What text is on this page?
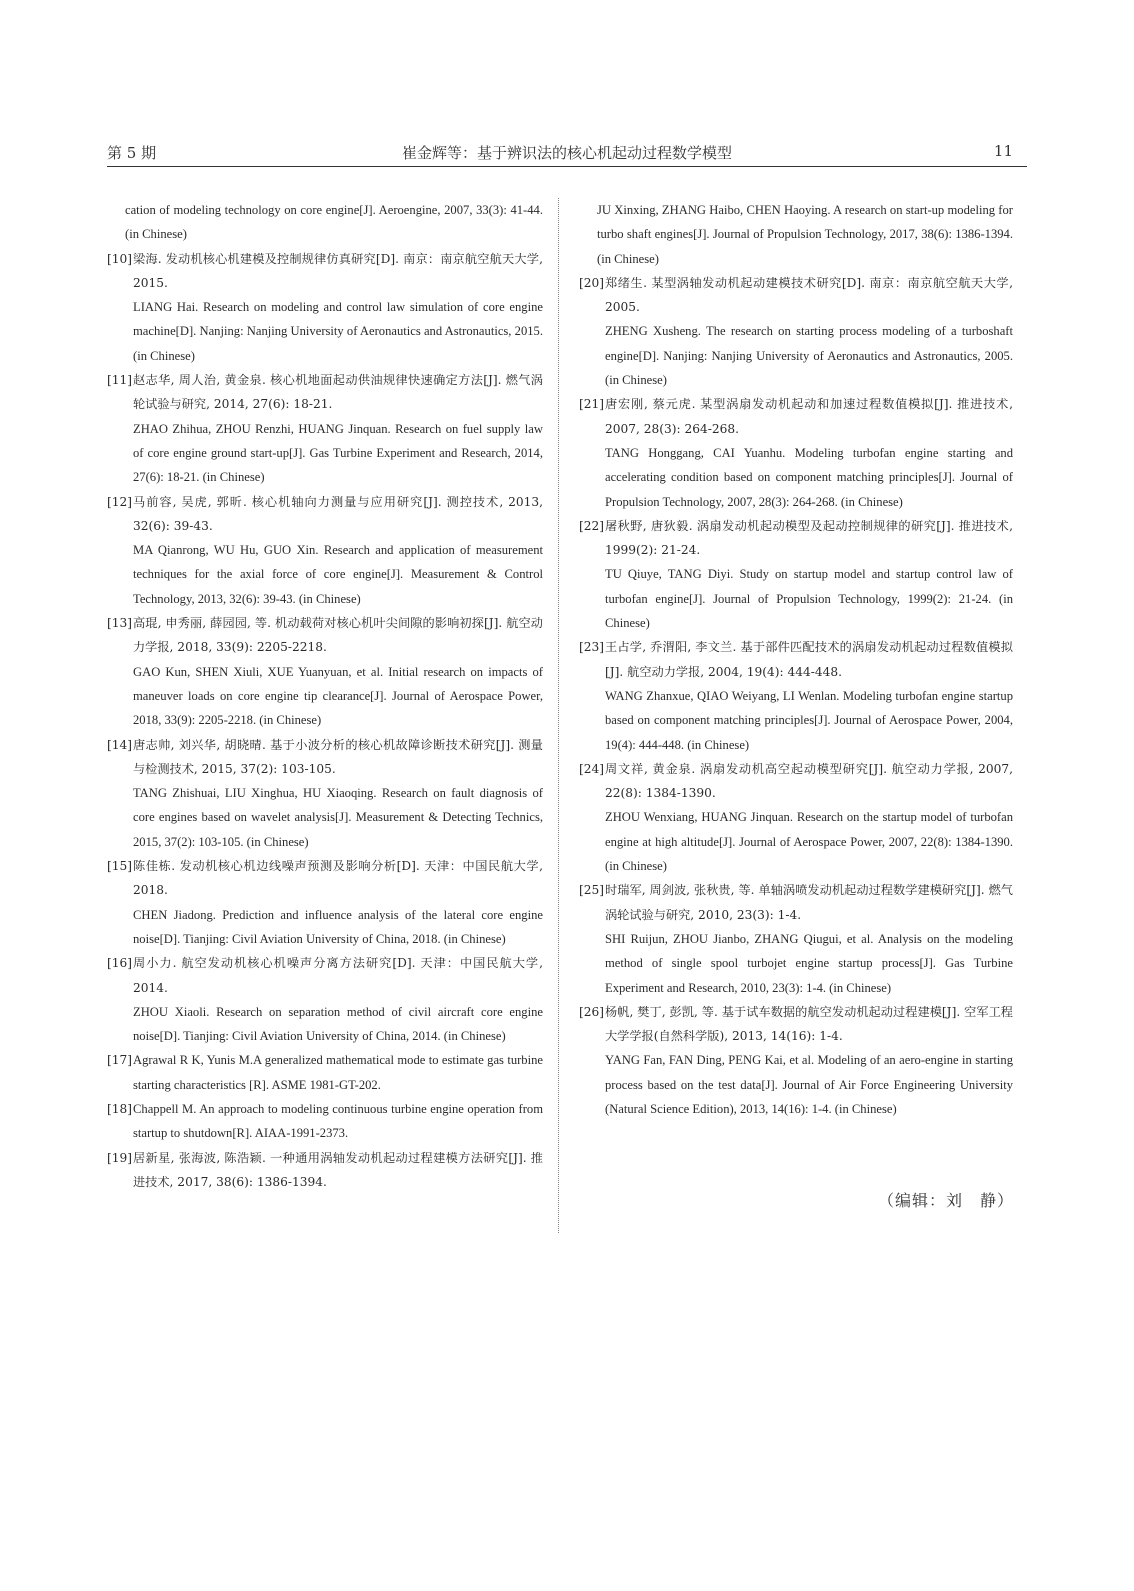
第 5 期	崔金辉等：基于辨识法的核心机起动过程数学模型	11

cation of modeling technology on core engine[J]. Aeroengine, 2007, 33(3): 41-44. (in Chinese)

[10] 梁海. 发动机核心机建模及控制规律仿真研究[D]. 南京：南京航空航天大学, 2015.

LIANG Hai. Research on modeling and control law simulation of core engine machine[D]. Nanjing: Nanjing University of Aeronautics and Astronautics, 2015. (in Chinese)

[11] 赵志华, 周人治, 黄金泉. 核心机地面起动供油规律快速确定方法[J]. 燃气涡轮试验与研究, 2014, 27(6): 18-21.

ZHAO Zhihua, ZHOU Renzhi, HUANG Jinquan. Research on fuel supply law of core engine ground start-up[J]. Gas Turbine Experiment and Research, 2014, 27(6): 18-21. (in Chinese)

[12] 马前容, 吴虎, 郭昕. 核心机轴向力测量与应用研究[J]. 测控技术, 2013, 32(6): 39-43.

MA Qianrong, WU Hu, GUO Xin. Research and application of measurement techniques for the axial force of core engine[J]. Measurement & Control Technology, 2013, 32(6): 39-43. (in Chinese)

[13] 高琨, 申秀丽, 薛园园, 等. 机动载荷对核心机叶尖间隙的影响初探[J]. 航空动力学报, 2018, 33(9): 2205-2218.

GAO Kun, SHEN Xiuli, XUE Yuanyuan, et al. Initial research on impacts of maneuver loads on core engine tip clearance[J]. Journal of Aerospace Power, 2018, 33(9): 2205-2218. (in Chinese)

[14] 唐志帅, 刘兴华, 胡晓晴. 基于小波分析的核心机故障诊断技术研究[J]. 测量与检测技术, 2015, 37(2): 103-105.

TANG Zhishuai, LIU Xinghua, HU Xiaoqing. Research on fault diagnosis of core engines based on wavelet analysis[J]. Measurement & Detecting Technics, 2015, 37(2): 103-105. (in Chinese)

[15] 陈佳栋. 发动机核心机边线噪声预测及影响分析[D]. 天津：中国民航大学, 2018.

CHEN Jiadong. Prediction and influence analysis of the lateral core engine noise[D]. Tianjing: Civil Aviation University of China, 2018. (in Chinese)

[16] 周小力. 航空发动机核心机噪声分离方法研究[D]. 天津：中国民航大学, 2014.

ZHOU Xiaoli. Research on separation method of civil aircraft core engine noise[D]. Tianjing: Civil Aviation University of China, 2014. (in Chinese)

[17] Agrawal R K, Yunis M.A generalized mathematical mode to estimate gas turbine starting characteristics [R]. ASME 1981-GT-202.

[18] Chappell M. An approach to modeling continuous turbine engine operation from startup to shutdown[R]. AIAA-1991-2373.

[19] 居新星, 张海波, 陈浩颖. 一种通用涡轴发动机起动过程建模方法研究[J]. 推进技术, 2017, 38(6): 1386-1394.

JU Xinxing, ZHANG Haibo, CHEN Haoying. A research on start-up modeling for turbo shaft engines[J]. Journal of Propulsion Technology, 2017, 38(6): 1386-1394. (in Chinese)

[20] 郑绪生. 某型涡轴发动机起动建模技术研究[D]. 南京：南京航空航天大学, 2005.

ZHENG Xusheng. The research on starting process modeling of a turboshaft engine[D]. Nanjing: Nanjing University of Aeronautics and Astronautics, 2005. (in Chinese)

[21] 唐宏刚, 蔡元虎. 某型涡扇发动机起动和加速过程数值模拟[J]. 推进技术, 2007, 28(3): 264-268.

TANG Honggang, CAI Yuanhu. Modeling turbofan engine starting and accelerating condition based on component matching principles[J]. Journal of Propulsion Technology, 2007, 28(3): 264-268. (in Chinese)

[22] 屠秋野, 唐狄毅. 涡扇发动机起动模型及起动控制规律的研究[J]. 推进技术, 1999(2): 21-24.

TU Qiuye, TANG Diyi. Study on startup model and startup control law of turbofan engine[J]. Journal of Propulsion Technology, 1999(2): 21-24. (in Chinese)

[23] 王占学, 乔渭阳, 李文兰. 基于部件匹配技术的涡扇发动机起动过程数值模拟[J]. 航空动力学报, 2004, 19(4): 444-448.

WANG Zhanxue, QIAO Weiyang, LI Wenlan. Modeling turbofan engine startup based on component matching principles[J]. Journal of Aerospace Power, 2004, 19(4): 444-448. (in Chinese)

[24] 周文祥, 黄金泉. 涡扇发动机高空起动模型研究[J]. 航空动力学报, 2007, 22(8): 1384-1390.

ZHOU Wenxiang, HUANG Jinquan. Research on the startup model of turbofan engine at high altitude[J]. Journal of Aerospace Power, 2007, 22(8): 1384-1390. (in Chinese)

[25] 时瑞军, 周剑波, 张秋贵, 等. 单轴涡喷发动机起动过程数学建模研究[J]. 燃气涡轮试验与研究, 2010, 23(3): 1-4.

SHI Ruijun, ZHOU Jianbo, ZHANG Qiugui, et al. Analysis on the modeling method of single spool turbojet engine startup process[J]. Gas Turbine Experiment and Research, 2010, 23(3): 1-4. (in Chinese)

[26] 杨帆, 樊丁, 彭凯, 等. 基于试车数据的航空发动机起动过程建模[J]. 空军工程大学学报(自然科学版), 2013, 14(16): 1-4.

YANG Fan, FAN Ding, PENG Kai, et al. Modeling of an aero-engine in starting process based on the test data[J]. Journal of Air Force Engineering University (Natural Science Edition), 2013, 14(16): 1-4. (in Chinese)

（编辑：刘　静）
